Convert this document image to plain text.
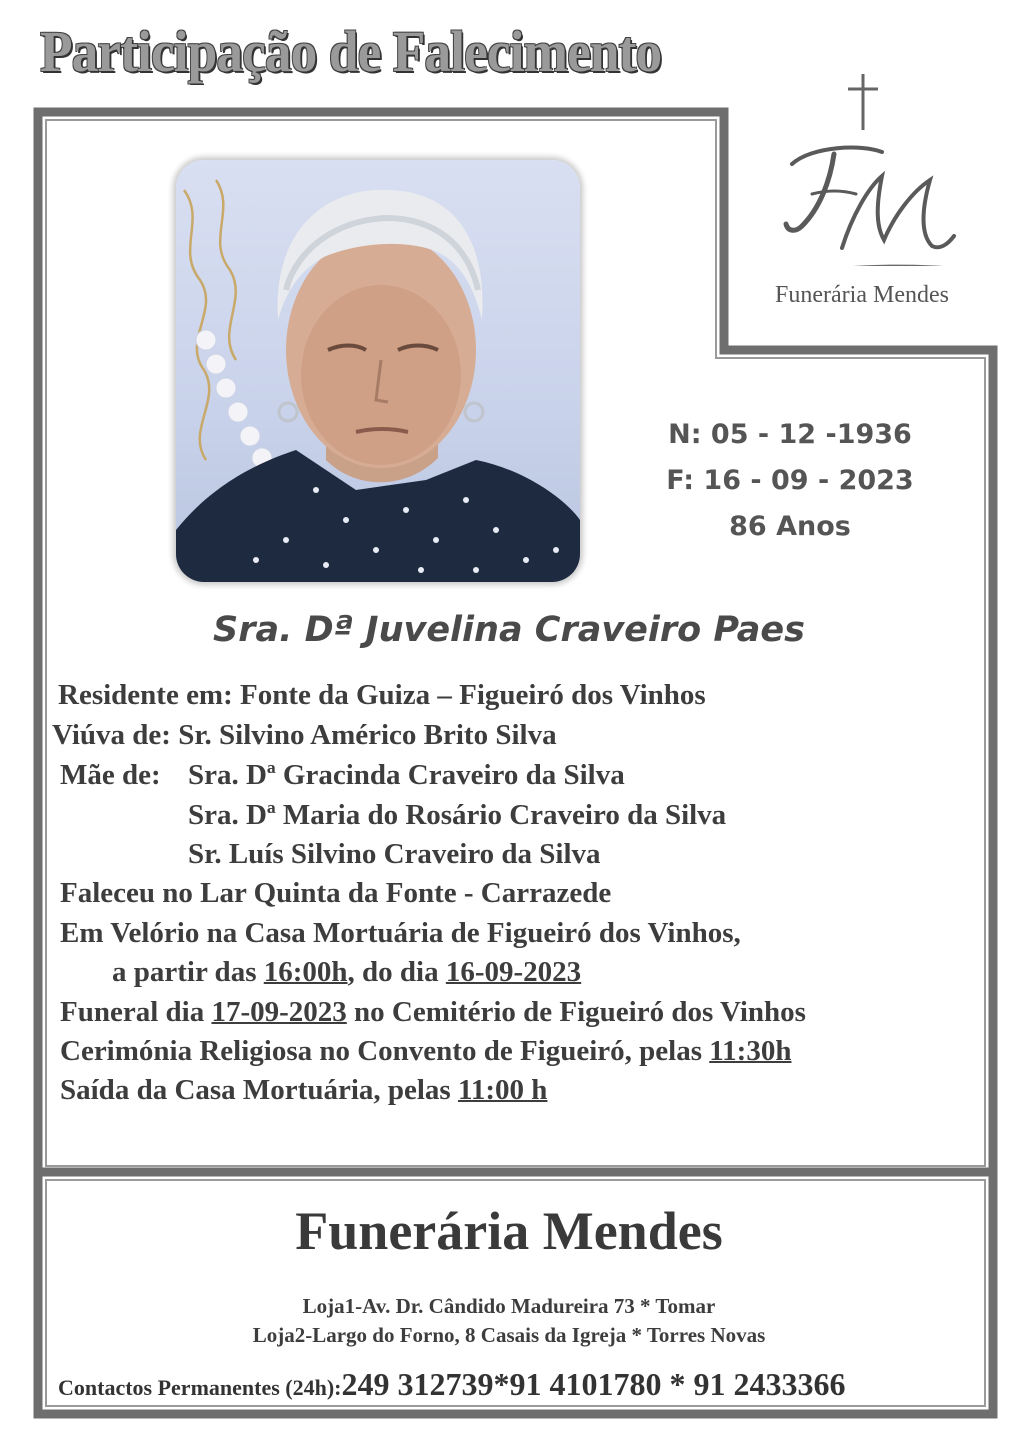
Participação de Falecimento
Funerária Mendes
N: 05 - 12 -1936
F: 16 - 09 - 2023
86 Anos
Sra. Dª Juvelina Craveiro Paes
Residente em: Fonte da Guiza – Figueiró dos Vinhos
Viúva de: Sr. Silvino Américo Brito Silva
Mãe de: Sra. Dª Gracinda Craveiro da Silva
Sra. Dª Maria do Rosário Craveiro da Silva
Sr. Luís Silvino Craveiro da Silva
Faleceu no Lar Quinta da Fonte - Carrazede
Em Velório na Casa Mortuária de Figueiró dos Vinhos,
a partir das 16:00h, do dia 16-09-2023
Funeral dia 17-09-2023 no Cemitério de Figueiró dos Vinhos
Cerimónia Religiosa no Convento de Figueiró, pelas 11:30h
Saída da Casa Mortuária, pelas 11:00 h
Funerária Mendes
Loja1-Av. Dr. Cândido Madureira 73 * Tomar
Loja2-Largo do Forno, 8 Casais da Igreja * Torres Novas
Contactos Permanentes (24h):249 312739*91 4101780 * 91 2433366
